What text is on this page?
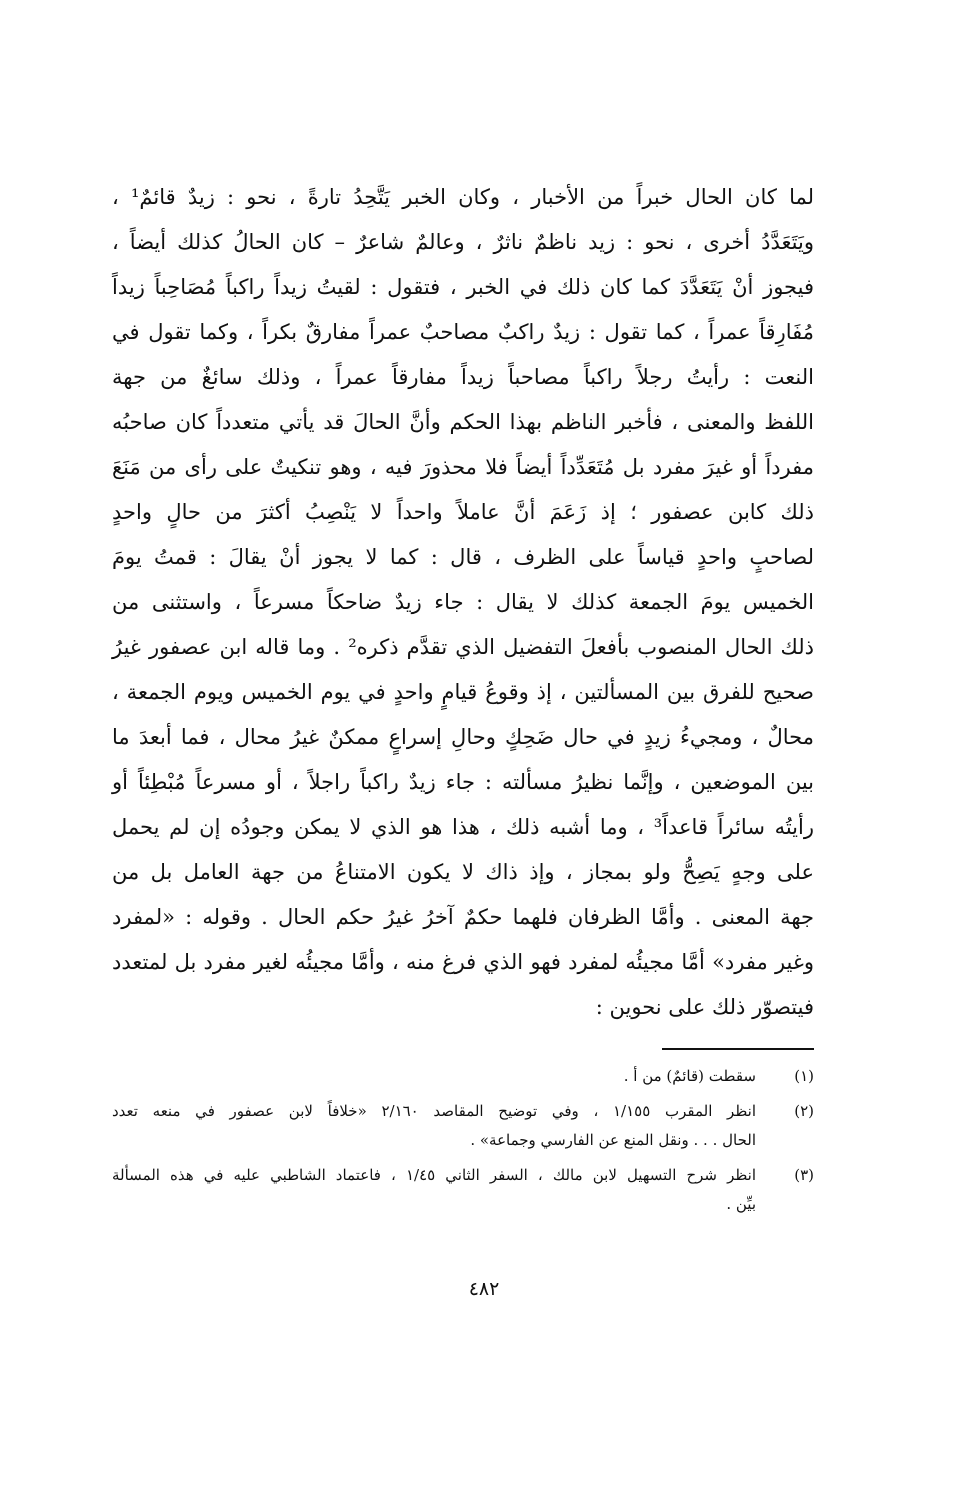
لما كان الحال خبراً من الأخبار ، وكان الخبر يَتَّحِدُ تارةً ، نحو : زيدٌ قائمٌ¹ ،
ويَتَعَدَّدُ أخرى ، نحو : زيد ناظمٌ ناثرٌ ، وعالمٌ شاعرٌ – كان الحالُ كذلك أيضاً ،
فيجوز أنْ يَتَعَدَّدَ كما كان ذلك في الخبر ، فتقول : لقيتُ زيداً راكباً مُصَاحِباً زيداً
مُفَارِقاً عمراً ، كما تقول : زيدٌ راكبٌ مصاحبٌ عمراً مفارقٌ بكراً ، وكما تقول في
النعت : رأيتُ رجلاً راكباً مصاحباً زيداً مفارقاً عمراً ، وذلك سائغٌ من جهة
اللفظ والمعنى ، فأخبر الناظم بهذا الحكم وأنَّ الحالَ قد يأتي متعدداً كان صاحبُه
مفرداً أو غيرَ مفرد بل مُتَعَدِّداً أيضاً فلا محذورَ فيه ، وهو تنكيتٌ على رأى من مَنَعَ
ذلك كابن عصفور ؛ إذ زَعَمَ أنَّ عاملاً واحداً لا يَنْصِبُ أكثرَ من حالٍ واحدٍ
لصاحبٍ واحدٍ قياساً على الظرف ، قال : كما لا يجوز أنْ يقالَ : قمتُ يومَ
الخميس يومَ الجمعة كذلك لا يقال : جاء زيدٌ ضاحكاً مسرعاً ، واستثنى من
ذلك الحال المنصوب بأفعلَ التفضيل الذي تقدَّم ذكره² . وما قاله ابن عصفور غيرُ
صحيح للفرق بين المسألتين ، إذ وقوعُ قيامٍ واحدٍ في يوم الخميس ويوم الجمعة ،
محالٌ ، ومجيءُ زيدٍ في حال ضَحِكٍ وحالِ إسراعٍ ممكنٌ غيرُ محال ، فما أبعدَ ما
بين الموضعين ، وإنَّما نظيرُ مسألته : جاء زيدٌ راكباً راجلاً ، أو مسرعاً مُبْطِئاً أو
رأيتُه سائراً قاعداً³ ، وما أشبه ذلك ، هذا هو الذي لا يمكن وجودُه إن لم يحمل
على وجهٍ يَصِحُّ ولو بمجاز ، وإذ ذاك لا يكون الامتناعُ من جهة العامل بل من
جهة المعنى . وأمَّا الظرفان فلهما حكمٌ آخرُ غيرُ حكم الحال . وقوله : «لمفرد
وغير مفرد» أمَّا مجيئُه لمفرد فهو الذي فرغ منه ، وأمَّا مجيئُه لغير مفرد بل لمتعدد
فيتصوّر ذلك على نحوين :
(١)
سقطت (قائمٌ) من أ .
(٢)
انظر المقرب ١/١٥٥ ، وفي توضيح المقاصد ٢/١٦٠ «خلافاً لابن عصفور في منعه تعدد
الحال . . . ونقل المنع عن الفارسي وجماعة» .
(٣)
انظر شرح التسهيل لابن مالك ، السفر الثاني ١/٤٥ ، فاعتماد الشاطبي عليه في هذه المسألة
بيِّن .
٤٨٢
